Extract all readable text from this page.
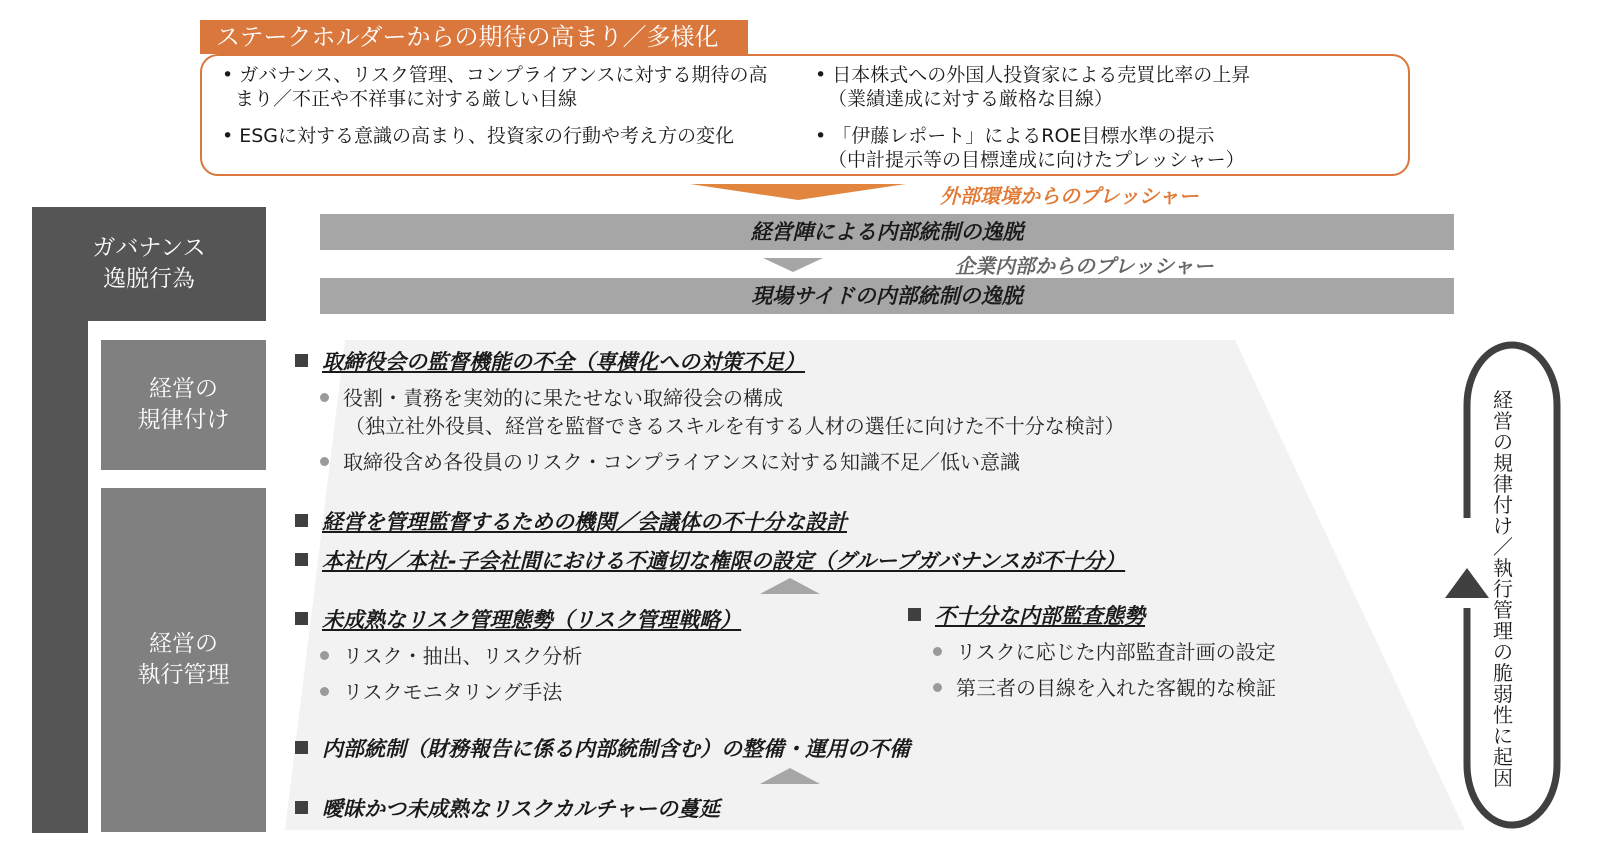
ステークホルダーからの期待の高まり／多様化
• ガバナンス、リスク管理、コンプライアンスに対する期待の高
まり／不正や不祥事に対する厳しい目線
• ESGに対する意識の高まり、投資家の行動や考え方の変化
• 日本株式への外国人投資家による売買比率の上昇
（業績達成に対する厳格な目線）
• 「伊藤レポート」によるROE目標水準の提示
（中計提示等の目標達成に向けたプレッシャー）
外部環境からのプレッシャー
ガバナンス
逸脱行為
経営の
規律付け
経営の
執行管理
経営陣による内部統制の逸脱
企業内部からのプレッシャー
現場サイドの内部統制の逸脱
取締役会の監督機能の不全（専横化への対策不足）
役割・責務を実効的に果たせない取締役会の構成
（独立社外役員、経営を監督できるスキルを有する人材の選任に向けた不十分な検討）
取締役含め各役員のリスク・コンプライアンスに対する知識不足／低い意識
経営を管理監督するための機関／会議体の不十分な設計
本社内／本社-子会社間における不適切な権限の設定（グループガバナンスが不十分）
未成熟なリスク管理態勢（リスク管理戦略）
リスク・抽出、リスク分析
リスクモニタリング手法
不十分な内部監査態勢
リスクに応じた内部監査計画の設定
第三者の目線を入れた客観的な検証
内部統制（財務報告に係る内部統制含む）の整備・運用の不備
曖昧かつ未成熟なリスクカルチャーの蔓延
経営の規律付け／執行管理の脆弱性に起因
